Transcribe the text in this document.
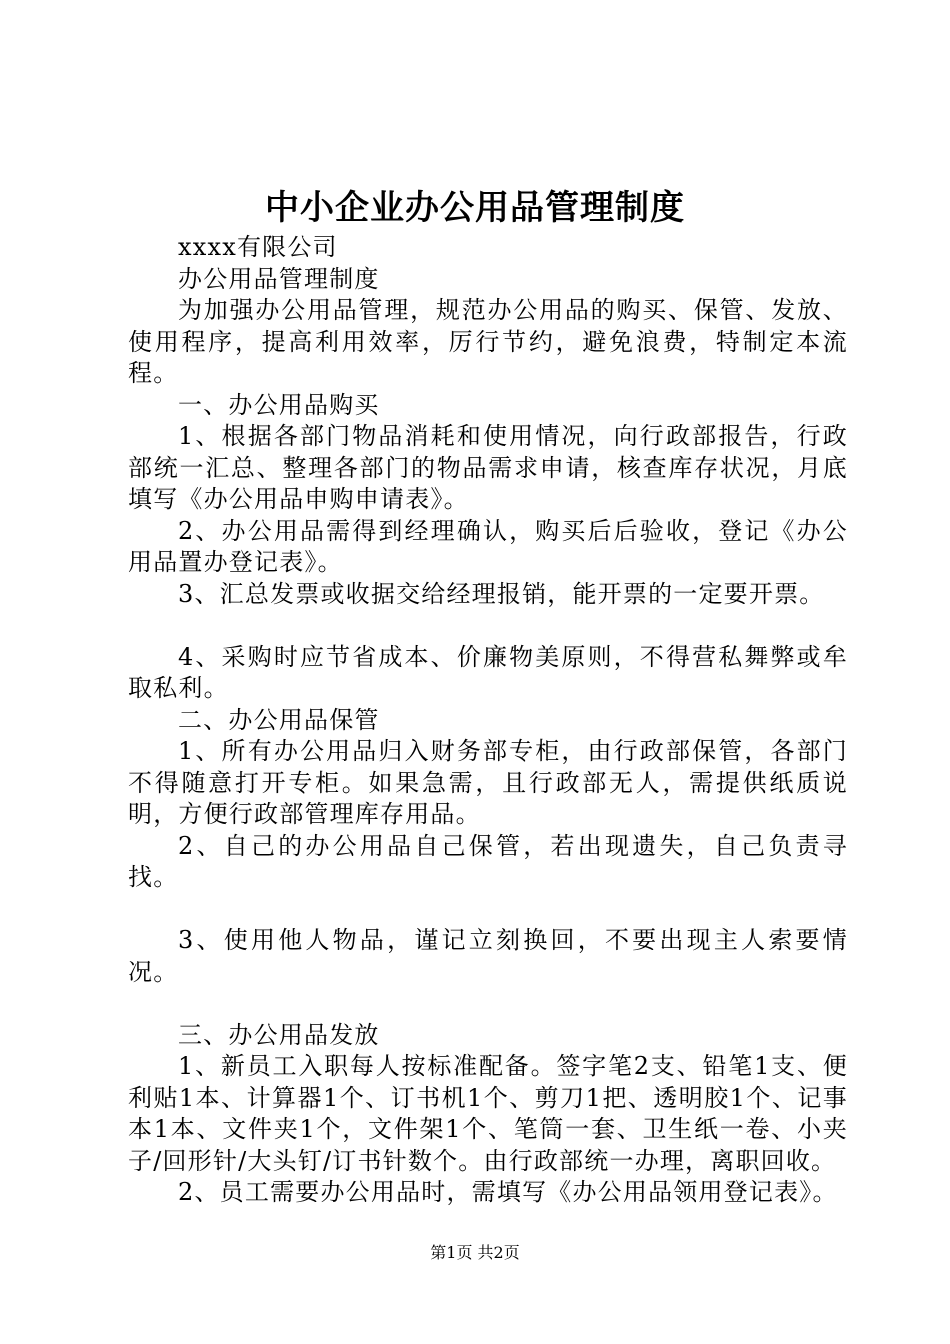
中小企业办公用品管理制度

xxxx有限公司

办公用品管理制度

为加强办公用品管理，规范办公用品的购买、保管、发放、使用程序，提高利用效率，厉行节约，避免浪费，特制定本流程。

一、办公用品购买

1、根据各部门物品消耗和使用情况，向行政部报告，行政部统一汇总、整理各部门的物品需求申请，核查库存状况，月底填写《办公用品申购申请表》。

2、办公用品需得到经理确认，购买后后验收，登记《办公用品置办登记表》。

3、汇总发票或收据交给经理报销，能开票的一定要开票。

4、采购时应节省成本、价廉物美原则，不得营私舞弊或牟取私利。

二、办公用品保管

1、所有办公用品归入财务部专柜，由行政部保管，各部门不得随意打开专柜。如果急需，且行政部无人，需提供纸质说明，方便行政部管理库存用品。

2、自己的办公用品自己保管，若出现遗失，自己负责寻找。

3、使用他人物品，谨记立刻换回，不要出现主人索要情况。

三、办公用品发放

1、新员工入职每人按标准配备。签字笔2支、铅笔1支、便利贴1本、计算器1个、订书机1个、剪刀1把、透明胶1个、记事本1本、文件夹1个，文件架1个、笔筒一套、卫生纸一卷、小夹子/回形针/大头钉/订书针数个。由行政部统一办理，离职回收。

2、员工需要办公用品时，需填写《办公用品领用登记表》。

第1页 共2页
